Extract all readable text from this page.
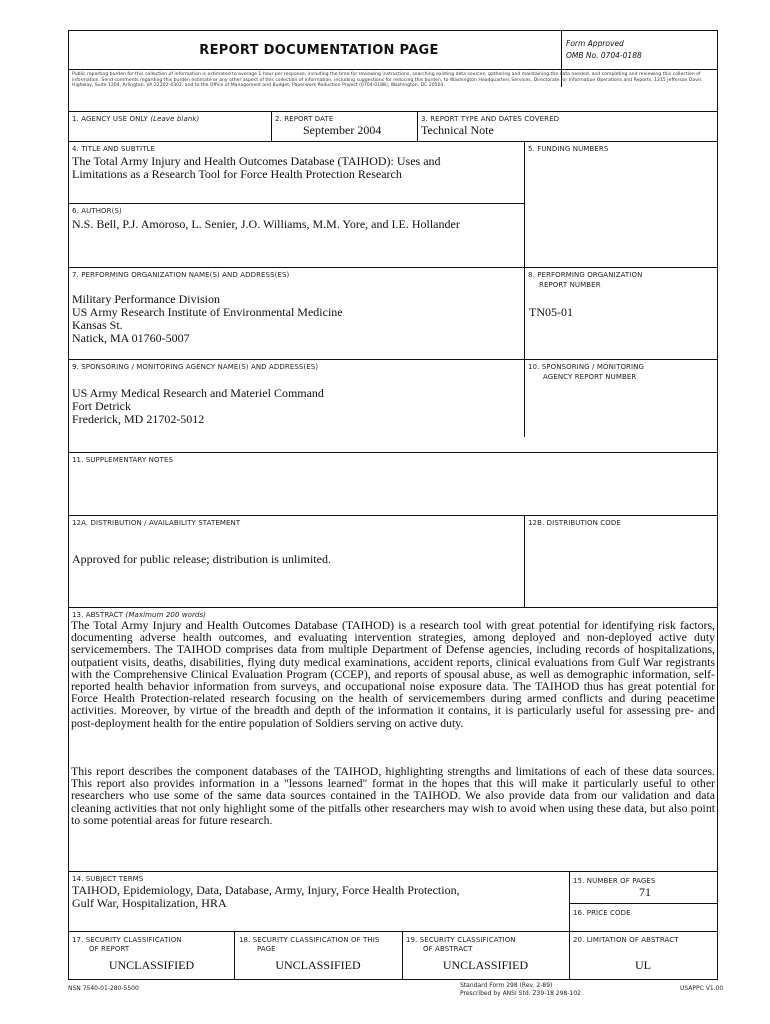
REPORT DOCUMENTATION PAGE	Form Approved
OMB No. 0704-0188
Public reporting burden for this collection of information is estimated to average 1 hour per response, including the time for reviewing instructions, searching existing data sources, gathering and maintaining the data needed, and completing and reviewing this collection of information. Send comments regarding this burden estimate or any other aspect of this collection of information, including suggestions for reducing this burden, to Washington Headquarters Services, Directorate for Information Operations and Reports, 1215 Jefferson Davis Highway, Suite 1204, Arlington, VA 22202-4302, and to the Office of Management and Budget, Paperwork Reduction Project (0704-0188), Washington, DC 20503.
1. AGENCY USE ONLY (Leave blank)	2. REPORT DATE
September 2004
3. REPORT TYPE AND DATES COVERED
Technical Note
4. TITLE AND SUBTITLE
The Total Army Injury and Health Outcomes Database (TAIHOD): Uses and
Limitations as a Research Tool for Force Health Protection Research
5. FUNDING NUMBERS
6. AUTHOR(S)
N.S. Bell, P.J. Amoroso, L. Senier, J.O. Williams, M.M. Yore, and I.E. Hollander
7. PERFORMING ORGANIZATION NAME(S) AND ADDRESS(ES)
Military Performance Division
US Army Research Institute of Environmental Medicine
Kansas St.
Natick, MA 01760-5007
8. PERFORMING ORGANIZATION
REPORT NUMBER
TN05-01
9. SPONSORING / MONITORING AGENCY NAME(S) AND ADDRESS(ES)
US Army Medical Research and Materiel Command
Fort Detrick
Frederick, MD 21702-5012
10. SPONSORING / MONITORING
AGENCY REPORT NUMBER
11. SUPPLEMENTARY NOTES
12A. DISTRIBUTION / AVAILABILITY STATEMENT
Approved for public release; distribution is unlimited.
12B. DISTRIBUTION CODE
13. ABSTRACT (Maximum 200 words)
The Total Army Injury and Health Outcomes Database (TAIHOD) is a research tool with great potential for identifying risk factors, documenting adverse health outcomes, and evaluating intervention strategies, among deployed and non-deployed active duty servicemembers. The TAIHOD comprises data from multiple Department of Defense agencies, including records of hospitalizations, outpatient visits, deaths, disabilities, flying duty medical examinations, accident reports, clinical evaluations from Gulf War registrants with the Comprehensive Clinical Evaluation Program (CCEP), and reports of spousal abuse, as well as demographic information, self-reported health behavior information from surveys, and occupational noise exposure data. The TAIHOD thus has great potential for Force Health Protection-related research focusing on the health of servicemembers during armed conflicts and during peacetime activities. Moreover, by virtue of the breadth and depth of the information it contains, it is particularly useful for assessing pre- and post-deployment health for the entire population of Soldiers serving on active duty.
This report describes the component databases of the TAIHOD, highlighting strengths and limitations of each of these data sources. This report also provides information in a "lessons learned" format in the hopes that this will make it particularly useful to other researchers who use some of the same data sources contained in the TAIHOD. We also provide data from our validation and data cleaning activities that not only highlight some of the pitfalls other researchers may wish to avoid when using these data, but also point to some potential areas for future research.
14. SUBJECT TERMS
TAIHOD, Epidemiology, Data, Database, Army, Injury, Force Health Protection,
Gulf War, Hospitalization, HRA
15. NUMBER OF PAGES
71
16. PRICE CODE
17. SECURITY CLASSIFICATION
OF REPORT
UNCLASSIFIED
18. SECURITY CLASSIFICATION OF THIS
PAGE
UNCLASSIFIED
19. SECURITY CLASSIFICATION
OF ABSTRACT
UNCLASSIFIED
20. LIMITATION OF ABSTRACT
UL
NSN 7540-01-280-5500	Standard Form 298 (Rev. 2-89)
Prescribed by ANSI Std. Z39-18 298-102
USAPPC V1.00
